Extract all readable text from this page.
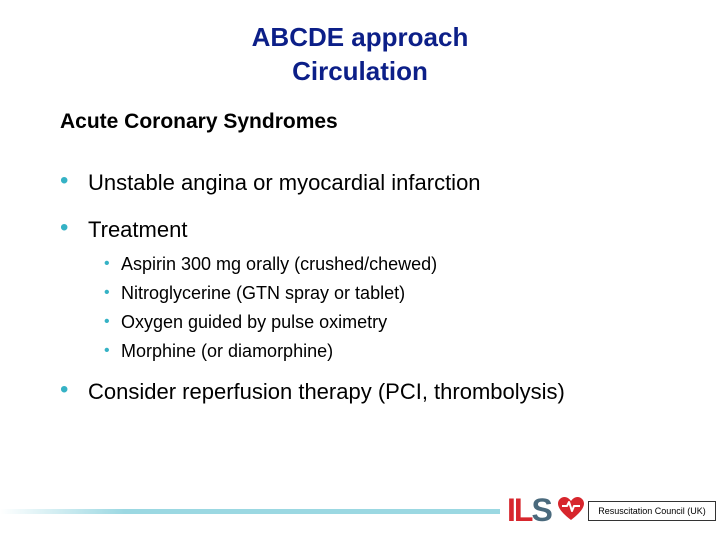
ABCDE approach
Circulation
Acute Coronary Syndromes
• Unstable angina or myocardial infarction
• Treatment
• Aspirin 300 mg orally (crushed/chewed)
• Nitroglycerine (GTN spray or tablet)
• Oxygen guided by pulse oximetry
• Morphine (or diamorphine)
• Consider reperfusion therapy (PCI, thrombolysis)
ILS	Resuscitation Council (UK)
